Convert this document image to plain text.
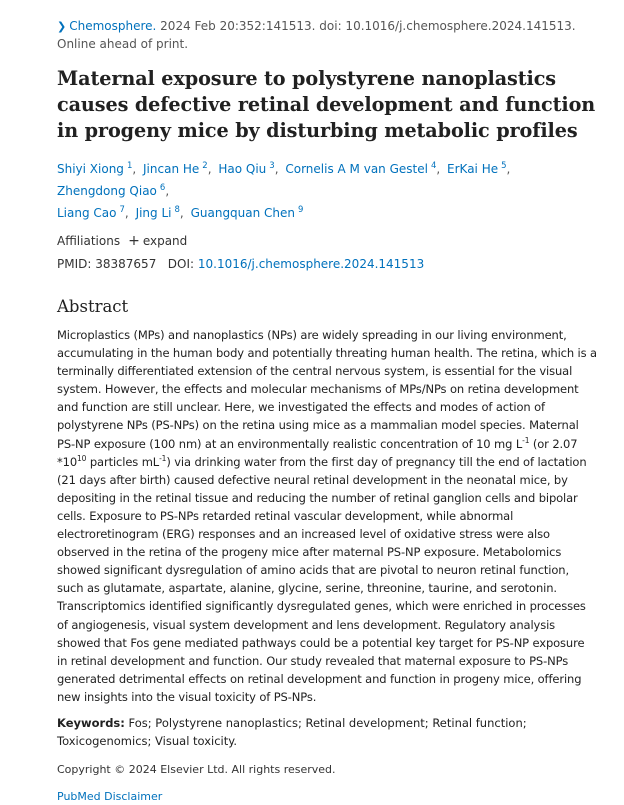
❯ Chemosphere. 2024 Feb 20:352:141513. doi: 10.1016/j.chemosphere.2024.141513.
Online ahead of print.
Maternal exposure to polystyrene nanoplastics causes defective retinal development and function in progeny mice by disturbing metabolic profiles
Shiyi Xiong $^1$, Jincan He $^2$, Hao Qiu $^3$, Cornelis A M van Gestel $^4$, ErKai He $^5$, Zhengdong Qiao $^6$,
Liang Cao $^7$, Jing Li $^8$, Guangquan Chen $^9$
Affiliations + expand
PMID: 38387657 DOI: 10.1016/j.chemosphere.2024.141513
Abstract
Microplastics (MPs) and nanoplastics (NPs) are widely spreading in our living environment, accumulating in the human body and potentially threating human health. The retina, which is a terminally differentiated extension of the central nervous system, is essential for the visual system. However, the effects and molecular mechanisms of MPs/NPs on retina development and function are still unclear. Here, we investigated the effects and modes of action of polystyrene NPs (PS-NPs) on the retina using mice as a mammalian model species. Maternal PS-NP exposure (100 nm) at an environmentally realistic concentration of 10 mg $L^{-1}$ (or 2.07 $*10^{10}$ particles $mL^{-1}$) via drinking water from the first day of pregnancy till the end of lactation (21 days after birth) caused defective neural retinal development in the neonatal mice, by depositing in the retinal tissue and reducing the number of retinal ganglion cells and bipolar cells. Exposure to PS-NPs retarded retinal vascular development, while abnormal electroretinogram (ERG) responses and an increased level of oxidative stress were also observed in the retina of the progeny mice after maternal PS-NP exposure. Metabolomics showed significant dysregulation of amino acids that are pivotal to neuron retinal function, such as glutamate, aspartate, alanine, glycine, serine, threonine, taurine, and serotonin. Transcriptomics identified significantly dysregulated genes, which were enriched in processes of angiogenesis, visual system development and lens development. Regulatory analysis showed that Fos gene mediated pathways could be a potential key target for PS-NP exposure in retinal development and function. Our study revealed that maternal exposure to PS-NPs generated detrimental effects on retinal development and function in progeny mice, offering new insights into the visual toxicity of PS-NPs.
Keywords: Fos; Polystyrene nanoplastics; Retinal development; Retinal function; Toxicogenomics; Visual toxicity.
Copyright © 2024 Elsevier Ltd. All rights reserved.
PubMed Disclaimer
